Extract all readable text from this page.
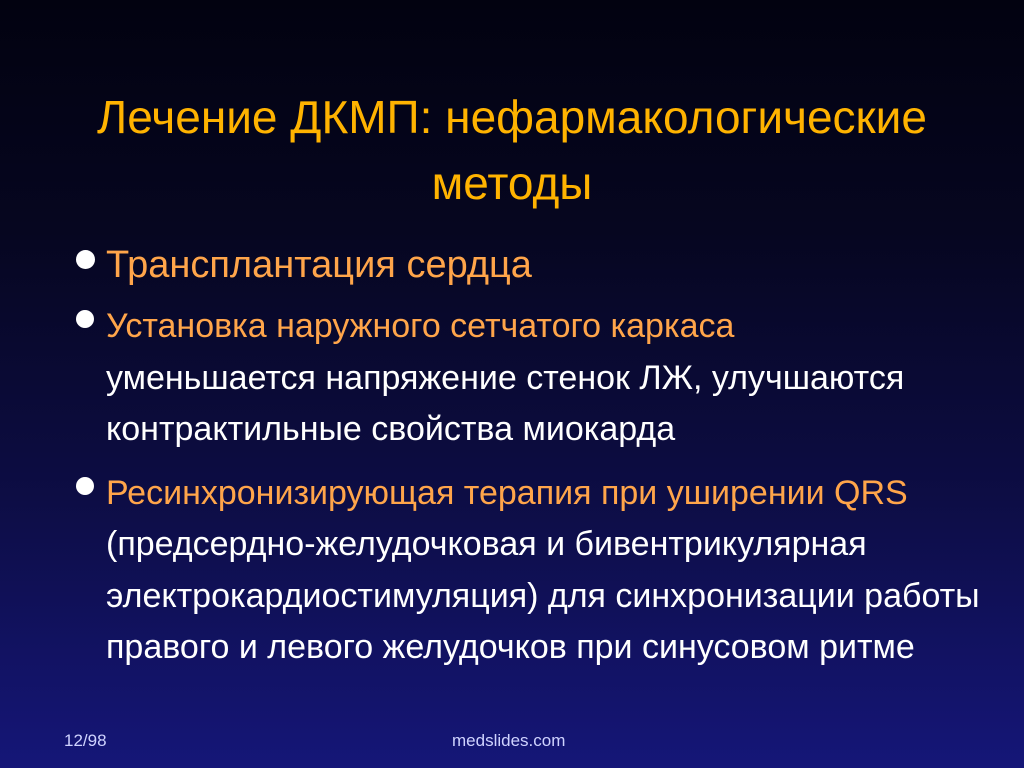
Лечение ДКМП: нефармакологические методы
Трансплантация сердца
Установка наружного сетчатого каркаса
уменьшается напряжение стенок ЛЖ, улучшаются контрактильные свойства миокарда
Ресинхронизирующая терапия при уширении QRS (предсердно-желудочковая и бивентрикулярная электрокардиостимуляция) для синхронизации работы правого и левого желудочков при синусовом ритме
12/98	medslides.com
